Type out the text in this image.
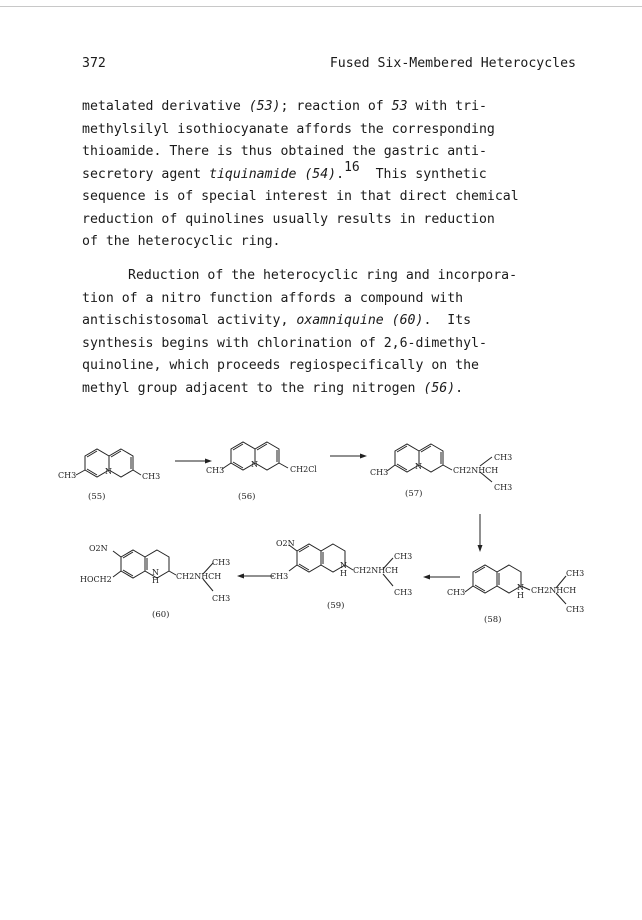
372	Fused Six-Membered Heterocycles
metalated derivative (53); reaction of 53 with tri-
methylsilyl isothiocyanate affords the corresponding
thioamide. There is thus obtained the gastric anti-
secretory agent tiquinamide (54).$^{16}$  This synthetic
sequence is of special interest in that direct chemical
reduction of quinolines usually results in reduction
of the heterocyclic ring.
Reduction of the heterocyclic ring and incorpora-
tion of a nitro function affords a compound with
antischistosomal activity, oxamniquine (60).  Its
synthesis begins with chlorination of 2,6-dimethyl-
quinoline, which proceeds regiospecifically on the
methyl group adjacent to the ring nitrogen (56).
CH3	N
CH3
(55)
CH3
N
CH2Cl
(56)
CH3
N	CH2NHCH
CH3
CH3
(57)
CH3
N
H
CH2NHCH
CH3
CH3
(58)
O2N
CH3
N
H CH2NHCH
CH3
CH3
(59)
O2N
HOCH2
N
H CH2NHCH
CH3
CH3
(60)
